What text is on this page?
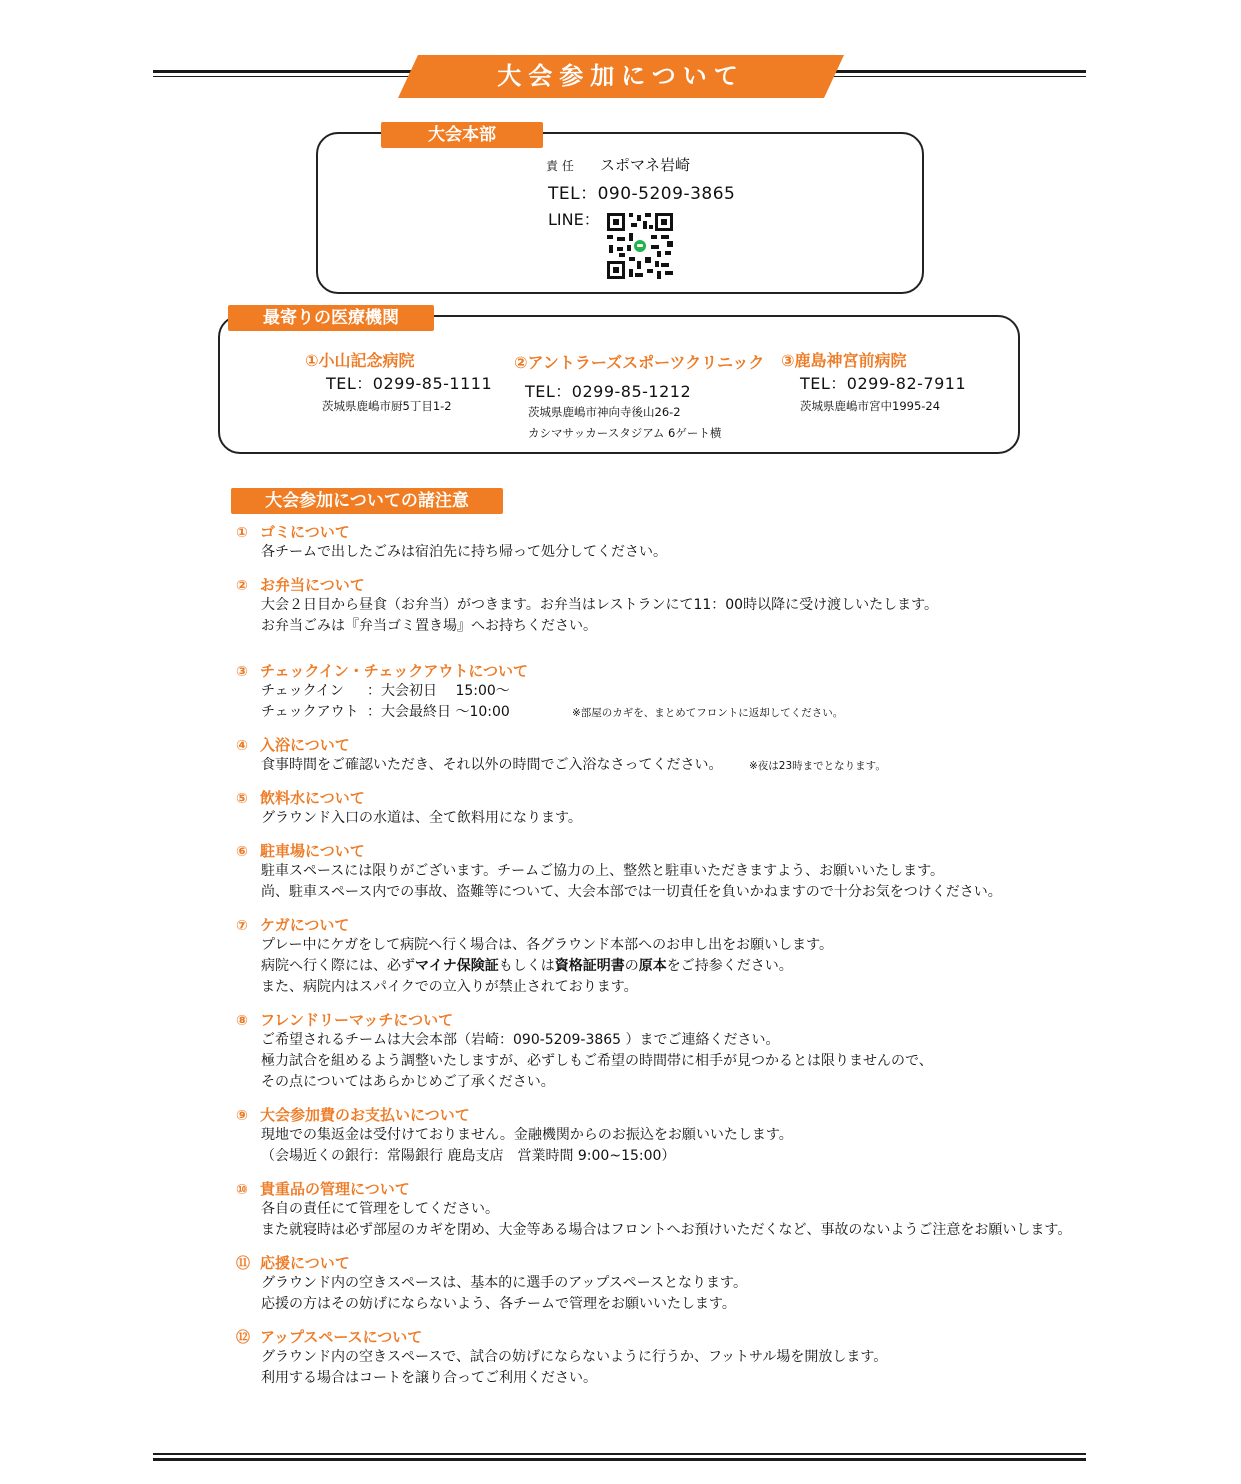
大会参加について
大会本部
責 任 スポマネ岩崎
TEL：090-5209-3865
LINE：
最寄りの医療機関
①小山記念病院
TEL：0299-85-1111
茨城県鹿嶋市厨5丁目1-2
②アントラーズスポーツクリニック
TEL：0299-85-1212
茨城県鹿嶋市神向寺後山26-2
カシマサッカースタジアム 6ゲート横
③鹿島神宮前病院
TEL：0299-82-7911
茨城県鹿嶋市宮中1995-24
大会参加についての諸注意
① ゴミについて
各チームで出したごみは宿泊先に持ち帰って処分してください。
② お弁当について
大会２日目から昼食（お弁当）がつきます。お弁当はレストランにて11：00時以降に受け渡しいたします。
お弁当ごみは『弁当ゴミ置き場』へお持ちください。
③ チェックイン・チェックアウトについて
チェックイン ：大会初日　 15:00～
チェックアウト ：大会最終日 ～10:00	※部屋のカギを、まとめてフロントに返却してください。
④ 入浴について
食事時間をご確認いただき、それ以外の時間でご入浴なさってください。	※夜は23時までとなります。
⑤ 飲料水について
グラウンド入口の水道は、全て飲料用になります。
⑥ 駐車場について
駐車スペースには限りがございます。チームご協力の上、整然と駐車いただきますよう、お願いいたします。
尚、駐車スペース内での事故、盗難等について、大会本部では一切責任を負いかねますので十分お気をつけください。
⑦ ケガについて
プレー中にケガをして病院へ行く場合は、各グラウンド本部へのお申し出をお願いします。
病院へ行く際には、必ずマイナ保険証もしくは資格証明書の原本をご持参ください。
また、病院内はスパイクでの立入りが禁止されております。
⑧ フレンドリーマッチについて
ご希望されるチームは大会本部（岩崎：090-5209-3865 ）までご連絡ください。
極力試合を組めるよう調整いたしますが、必ずしもご希望の時間帯に相手が見つかるとは限りませんので、
その点についてはあらかじめご了承ください。
⑨ 大会参加費のお支払いについて
現地での集返金は受付けておりません。金融機関からのお振込をお願いいたします。
（会場近くの銀行：常陽銀行 鹿島支店　営業時間 9:00~15:00）
⑩ 貴重品の管理について
各自の責任にて管理をしてください。
また就寝時は必ず部屋のカギを閉め、大金等ある場合はフロントへお預けいただくなど、事故のないようご注意をお願いします。
⑪ 応援について
グラウンド内の空きスペースは、基本的に選手のアップスペースとなります。
応援の方はその妨げにならないよう、各チームで管理をお願いいたします。
⑫ アップスペースについて
グラウンド内の空きスペースで、試合の妨げにならないように行うか、フットサル場を開放します。
利用する場合はコートを譲り合ってご利用ください。
